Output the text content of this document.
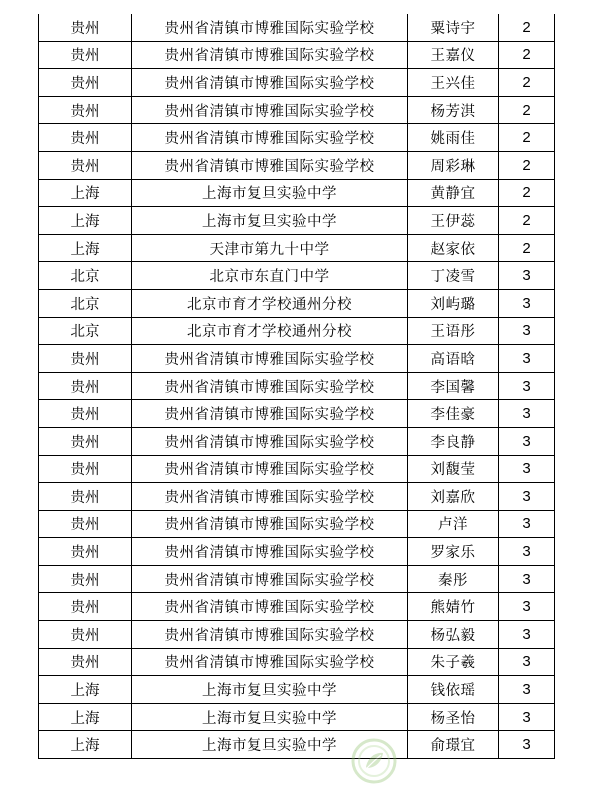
贵州	贵州省清镇市博雅国际实验学校	粟诗宇	2
贵州	贵州省清镇市博雅国际实验学校	王嘉仪	2
贵州	贵州省清镇市博雅国际实验学校	王兴佳	2
贵州	贵州省清镇市博雅国际实验学校	杨芳淇	2
贵州	贵州省清镇市博雅国际实验学校	姚雨佳	2
贵州	贵州省清镇市博雅国际实验学校	周彩琳	2
上海	上海市复旦实验中学	黄静宜	2
上海	上海市复旦实验中学	王伊蕊	2
上海	天津市第九十中学	赵家依	2
北京	北京市东直门中学	丁凌雪	3
北京	北京市育才学校通州分校	刘屿璐	3
北京	北京市育才学校通州分校	王语彤	3
贵州	贵州省清镇市博雅国际实验学校	高语晗	3
贵州	贵州省清镇市博雅国际实验学校	李国馨	3
贵州	贵州省清镇市博雅国际实验学校	李佳豪	3
贵州	贵州省清镇市博雅国际实验学校	李良静	3
贵州	贵州省清镇市博雅国际实验学校	刘馥莹	3
贵州	贵州省清镇市博雅国际实验学校	刘嘉欣	3
贵州	贵州省清镇市博雅国际实验学校	卢洋	3
贵州	贵州省清镇市博雅国际实验学校	罗家乐	3
贵州	贵州省清镇市博雅国际实验学校	秦彤	3
贵州	贵州省清镇市博雅国际实验学校	熊婧竹	3
贵州	贵州省清镇市博雅国际实验学校	杨弘毅	3
贵州	贵州省清镇市博雅国际实验学校	朱子羲	3
上海	上海市复旦实验中学	钱依瑶	3
上海	上海市复旦实验中学	杨圣怡	3
上海	上海市复旦实验中学	俞璟宜	3
